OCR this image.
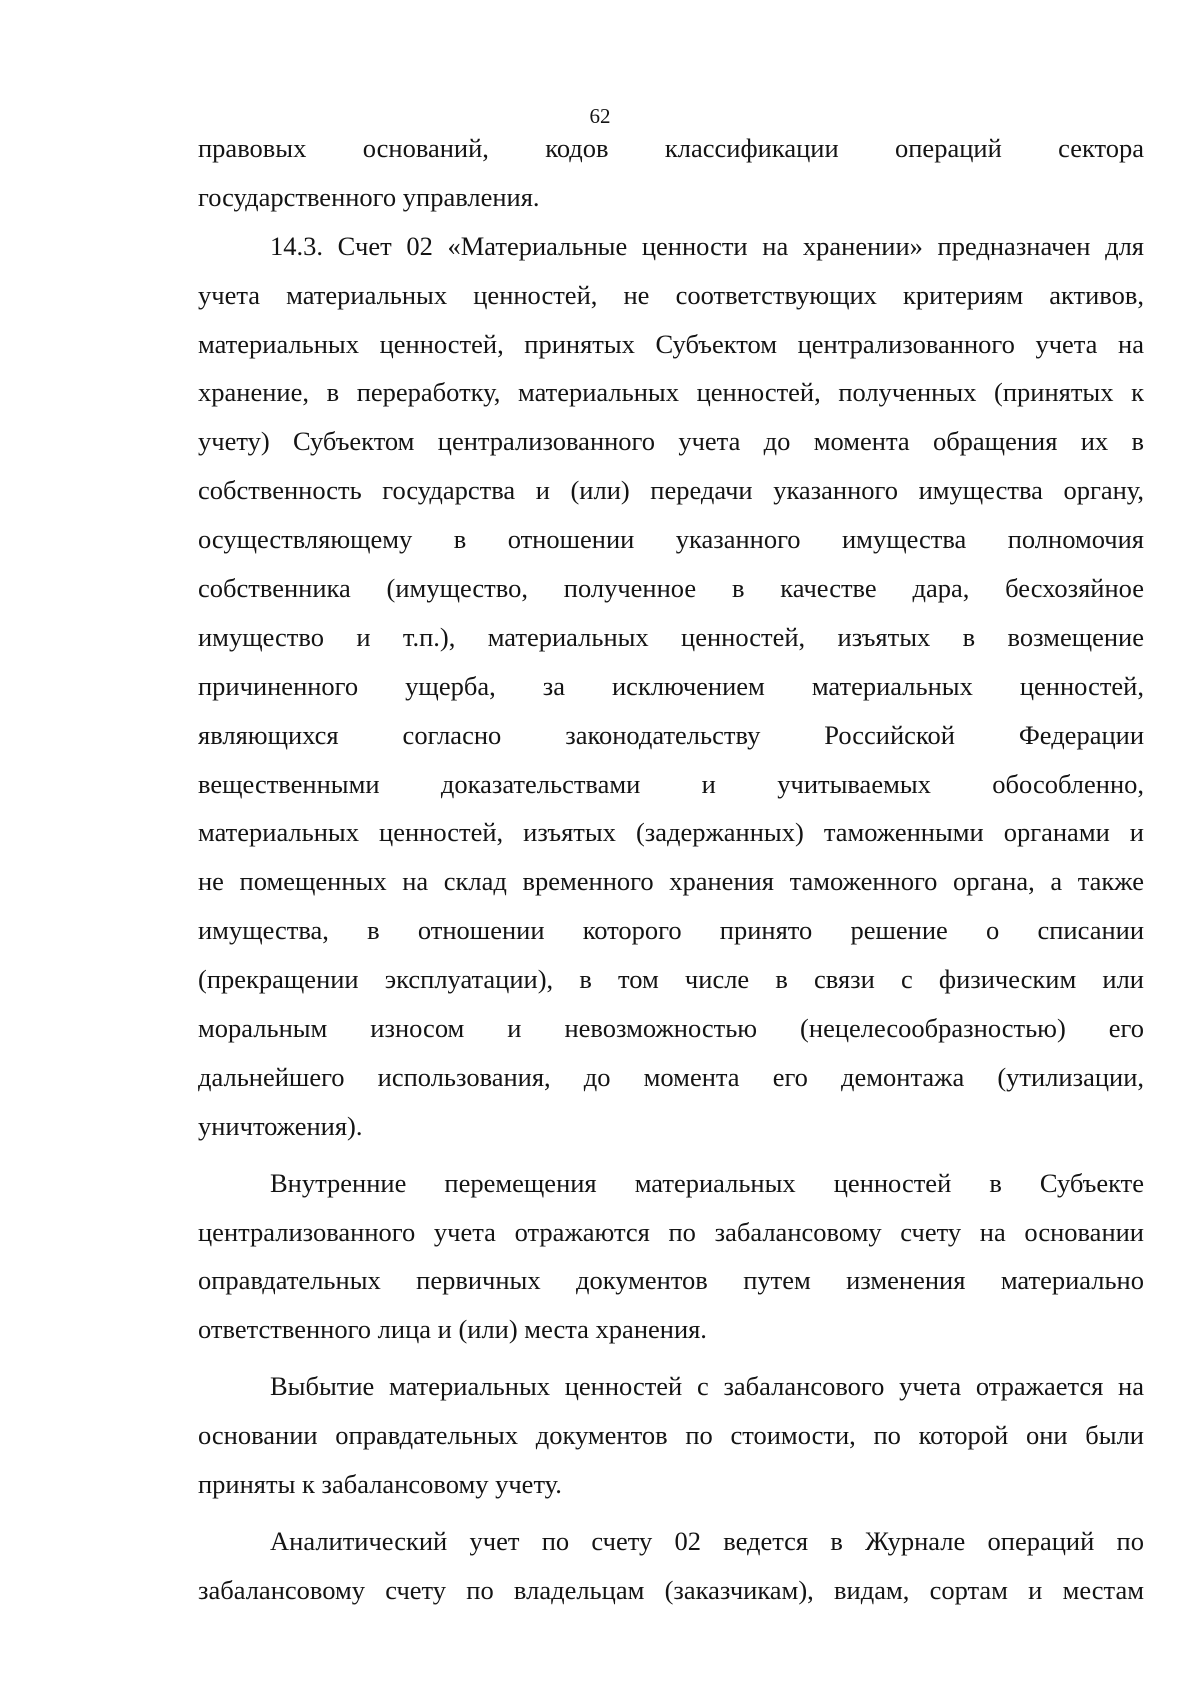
62
правовых оснований, кодов классификации операций сектора
государственного управления.
14.3. Счет 02 «Материальные ценности на хранении» предназначен для
учета материальных ценностей, не соответствующих критериям активов,
материальных ценностей, принятых Субъектом централизованного учета на
хранение, в переработку, материальных ценностей, полученных (принятых к
учету) Субъектом централизованного учета до момента обращения их в
собственность государства и (или) передачи указанного имущества органу,
осуществляющему в отношении указанного имущества полномочия
собственника (имущество, полученное в качестве дара, бесхозяйное
имущество и т.п.), материальных ценностей, изъятых в возмещение
причиненного ущерба, за исключением материальных ценностей,
являющихся согласно законодательству Российской Федерации
вещественными доказательствами и учитываемых обособленно,
материальных ценностей, изъятых (задержанных) таможенными органами и
не помещенных на склад временного хранения таможенного органа, а также
имущества, в отношении которого принято решение о списании
(прекращении эксплуатации), в том числе в связи с физическим или
моральным износом и невозможностью (нецелесообразностью) его
дальнейшего использования, до момента его демонтажа (утилизации,
уничтожения).
Внутренние перемещения материальных ценностей в Субъекте
централизованного учета отражаются по забалансовому счету на основании
оправдательных первичных документов путем изменения материально
ответственного лица и (или) места хранения.
Выбытие материальных ценностей с забалансового учета отражается на
основании оправдательных документов по стоимости, по которой они были
приняты к забалансовому учету.
Аналитический учет по счету 02 ведется в Журнале операций по
забалансовому счету по владельцам (заказчикам), видам, сортам и местам
